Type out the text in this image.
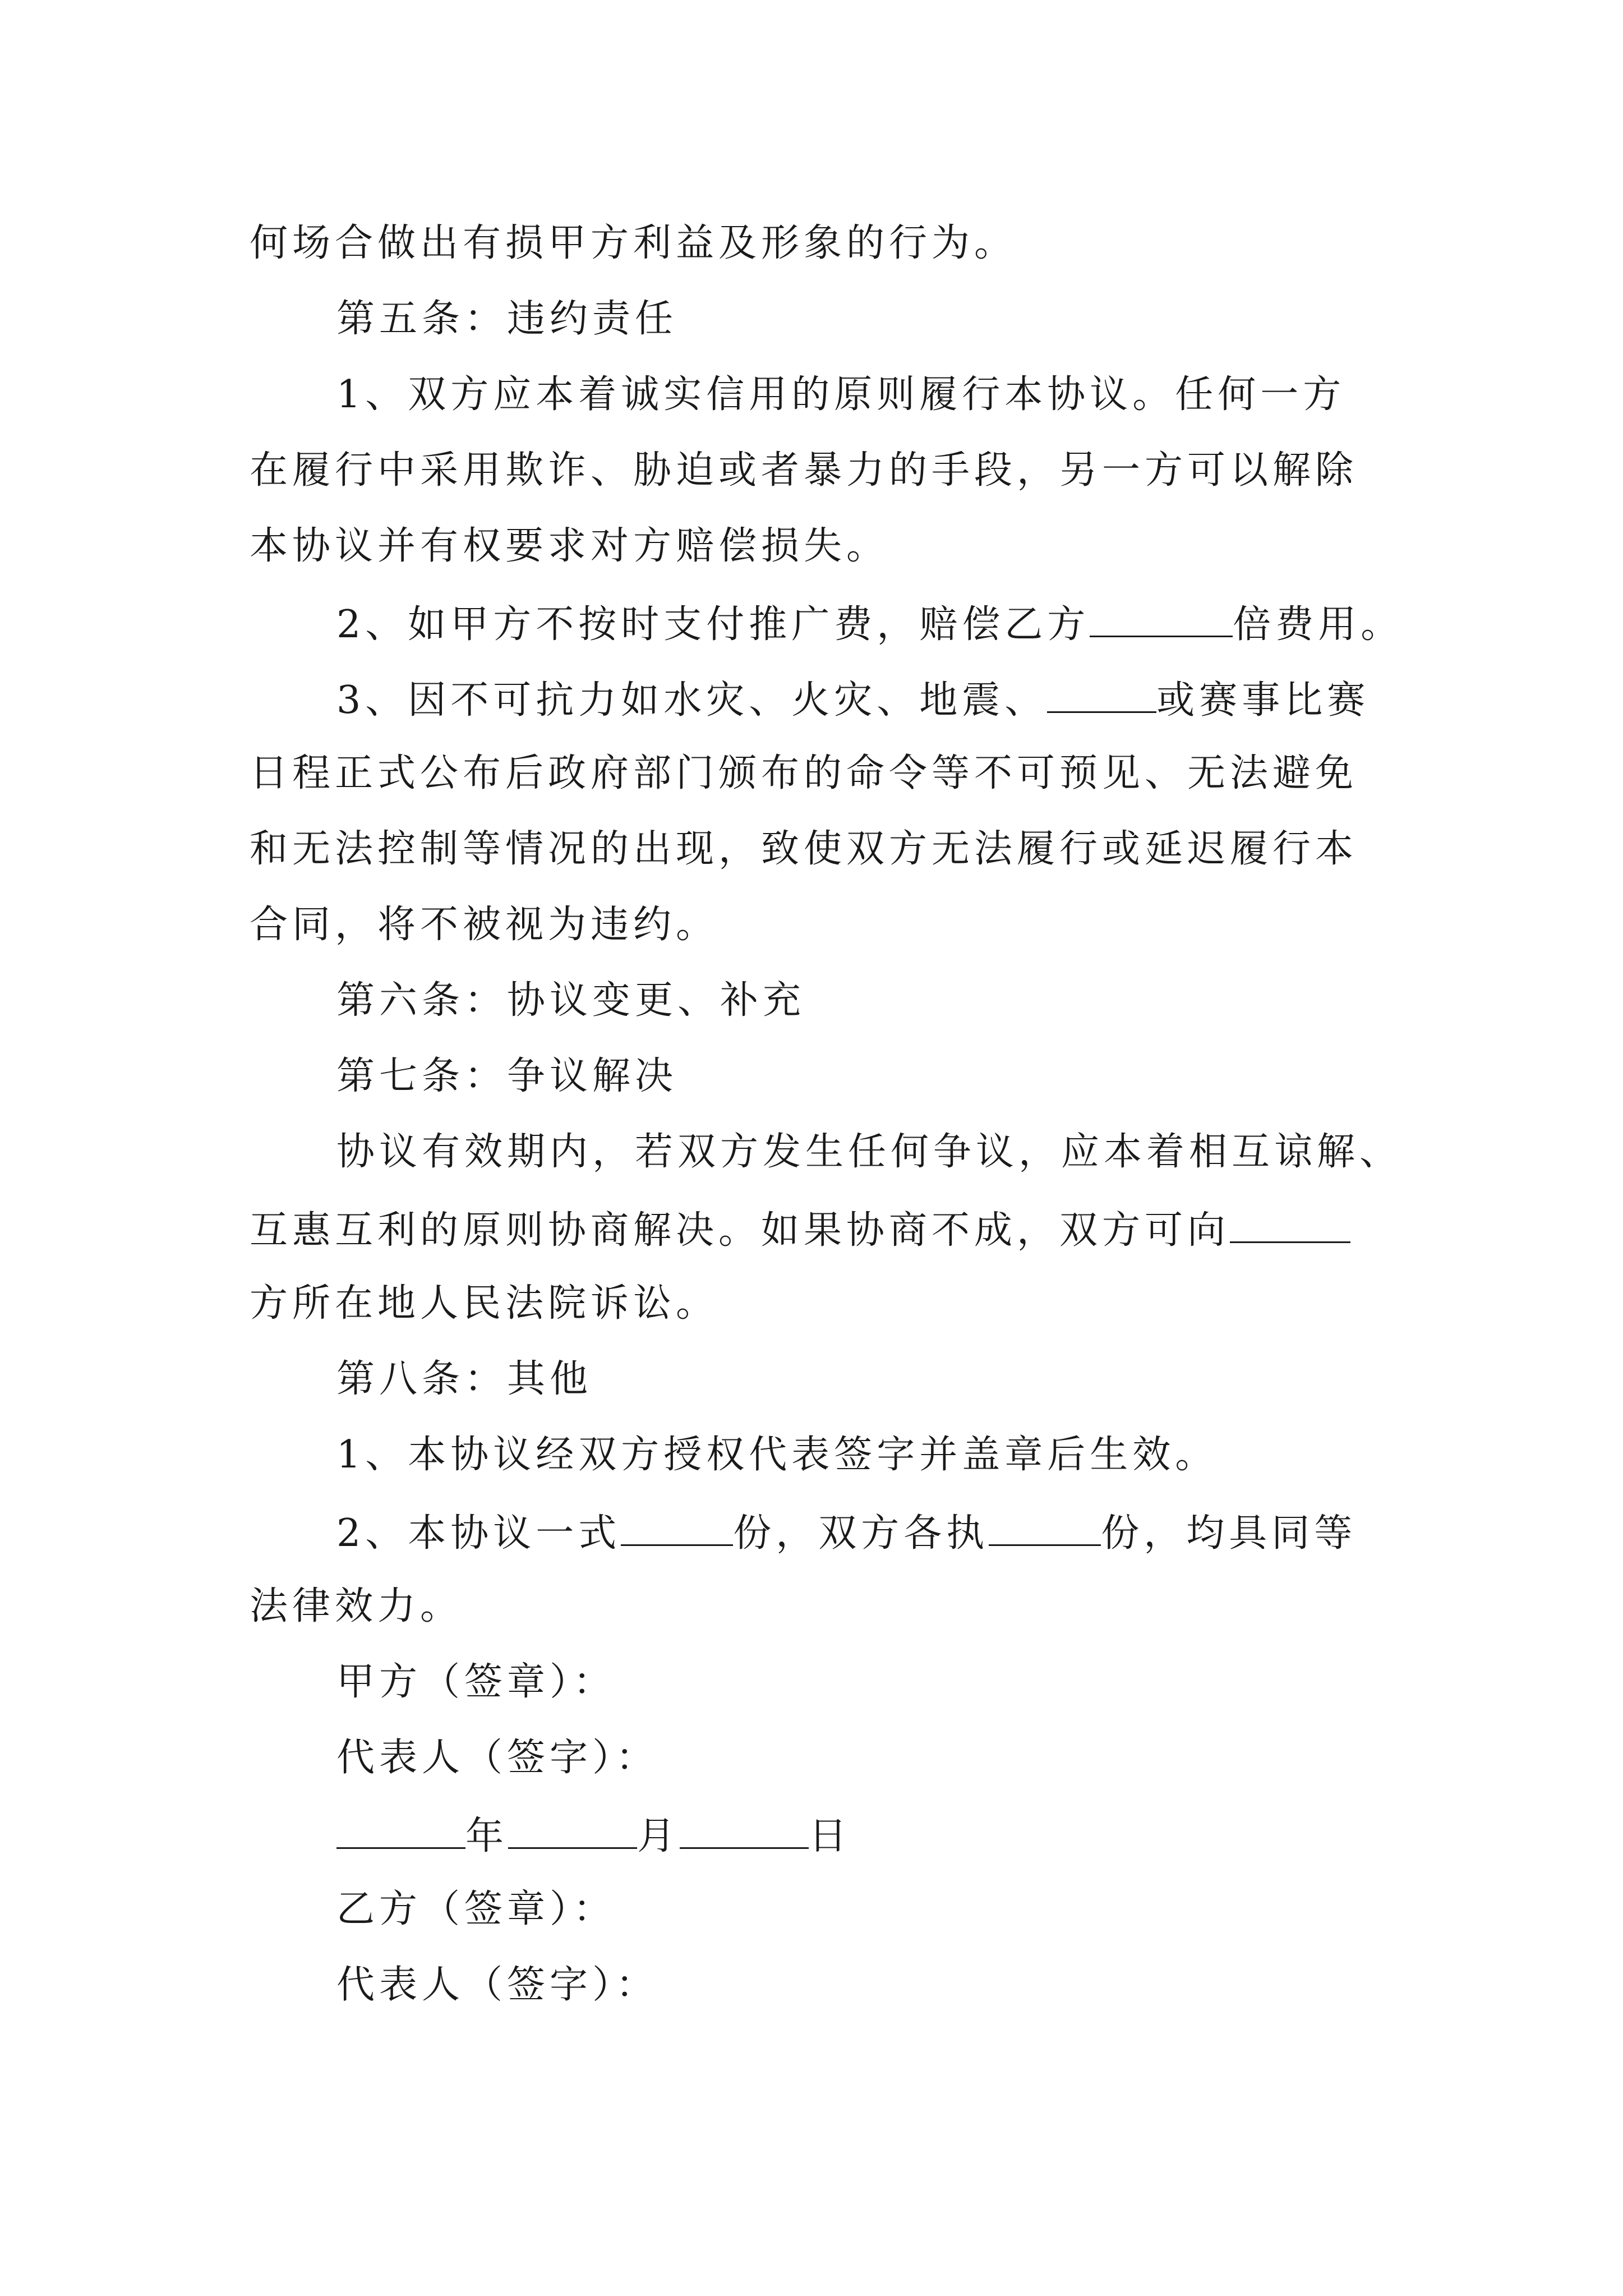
何场合做出有损甲方利益及形象的行为。
第五条：违约责任
1、双方应本着诚实信用的原则履行本协议。任何一方
在履行中采用欺诈、胁迫或者暴力的手段，另一方可以解除
本协议并有权要求对方赔偿损失。
2、如甲方不按时支付推广费，赔偿乙方	倍费用。
3、因不可抗力如水灾、火灾、地震、	或赛事比赛
日程正式公布后政府部门颁布的命令等不可预见、无法避免
和无法控制等情况的出现，致使双方无法履行或延迟履行本
合同，将不被视为违约。
第六条：协议变更、补充
第七条：争议解决
协议有效期内，若双方发生任何争议，应本着相互谅解、
互惠互利的原则协商解决。如果协商不成，双方可向
方所在地人民法院诉讼。
第八条：其他
1、本协议经双方授权代表签字并盖章后生效。
2、本协议一式	份，双方各执	份，均具同等
法律效力。
甲方（签章）：
代表人（签字）：
年	月	日
乙方（签章）：
代表人（签字）：
